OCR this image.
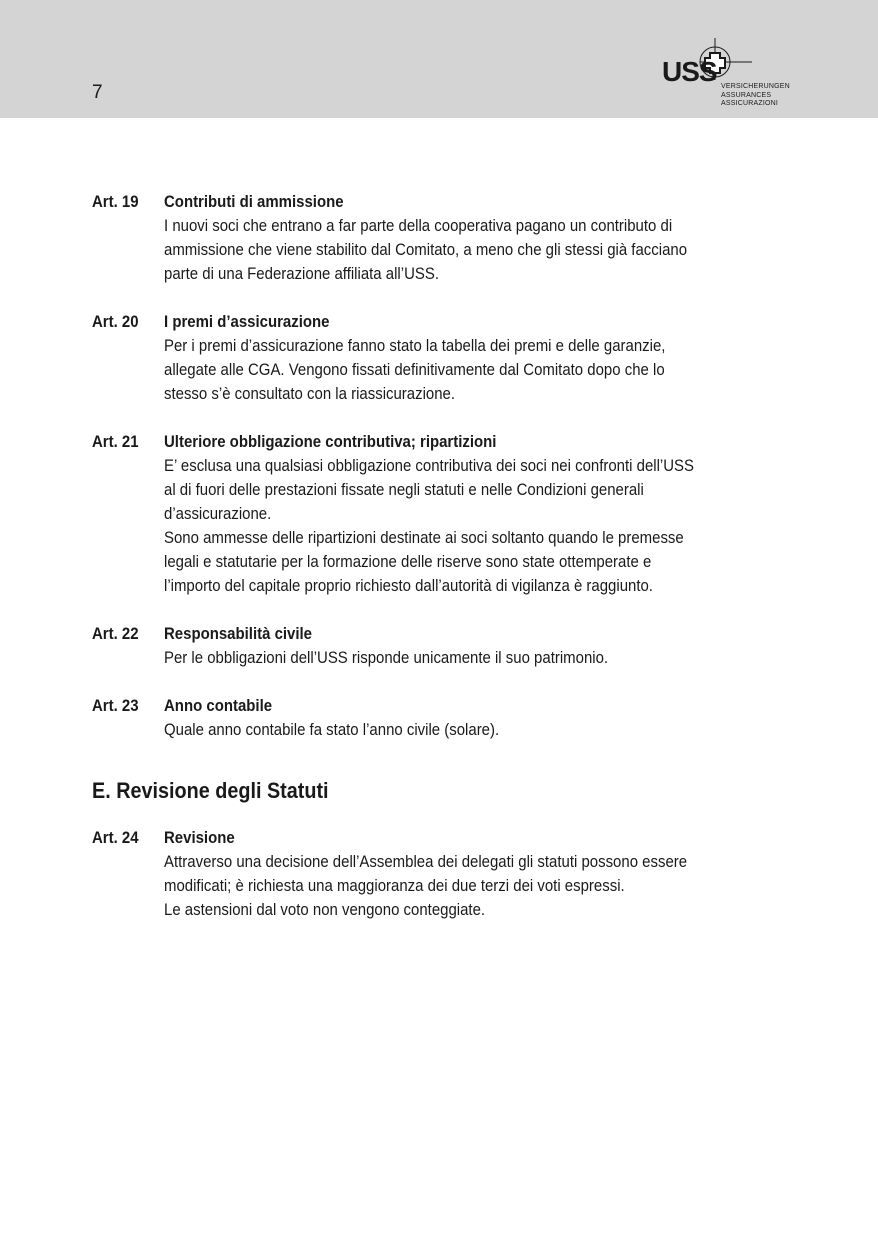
7
USS VERSICHERUNGEN
ASSURANCES
ASSICURAZIONI
Art. 19	Contributi di ammissione
I nuovi soci che entrano a far parte della cooperativa pagano un contributo di
ammissione che viene stabilito dal Comitato, a meno che gli stessi già facciano
parte di una Federazione affiliata all’USS.
Art. 20	I premi d’assicurazione
Per i premi d’assicurazione fanno stato la tabella dei premi e delle garanzie,
allegate alle CGA. Vengono fissati definitivamente dal Comitato dopo che lo
stesso s’è consultato con la riassicurazione.
Art. 21	Ulteriore obbligazione contributiva; ripartizioni
E’ esclusa una qualsiasi obbligazione contributiva dei soci nei confronti dell’USS
al di fuori delle prestazioni fissate negli statuti e nelle Condizioni generali
d’assicurazione.
Sono ammesse delle ripartizioni destinate ai soci soltanto quando le premesse
legali e statutarie per la formazione delle riserve sono state ottemperate e
l’importo del capitale proprio richiesto dall’autorità di vigilanza è raggiunto.
Art. 22	Responsabilità civile
Per le obbligazioni dell’USS risponde unicamente il suo patrimonio.
Art. 23	Anno contabile
Quale anno contabile fa stato l’anno civile (solare).
E. Revisione degli Statuti
Art. 24	Revisione
Attraverso una decisione dell’Assemblea dei delegati gli statuti possono essere
modificati; è richiesta una maggioranza dei due terzi dei voti espressi.
Le astensioni dal voto non vengono conteggiate.
